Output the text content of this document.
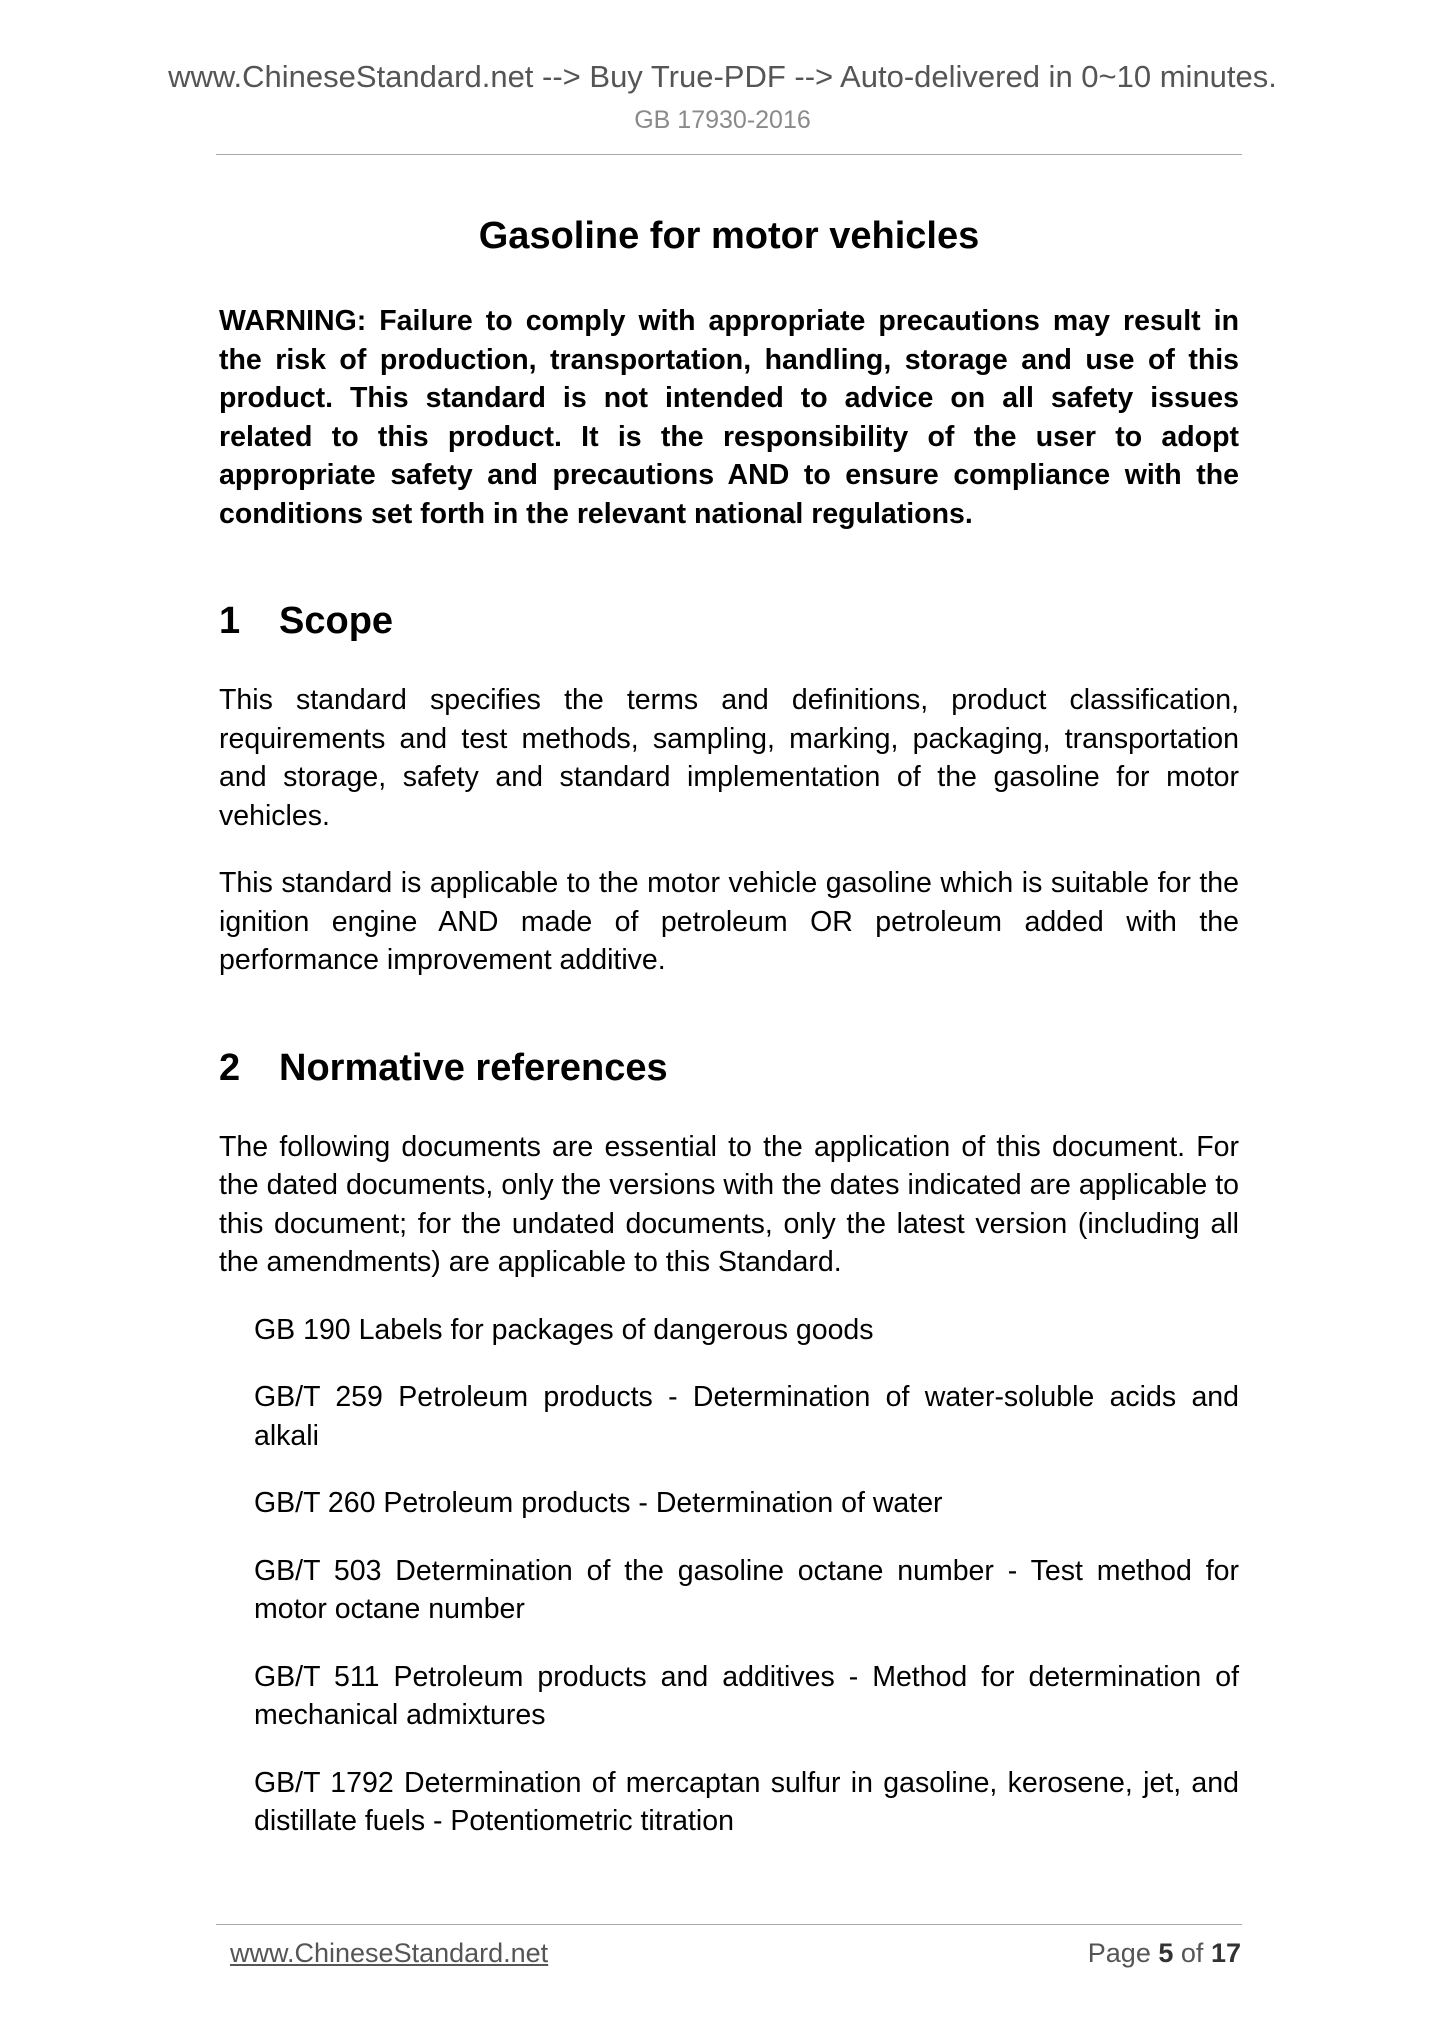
www.ChineseStandard.net --> Buy True-PDF --> Auto-delivered in 0~10 minutes.
GB 17930-2016
Gasoline for motor vehicles

WARNING: Failure to comply with appropriate precautions may result in the risk of production, transportation, handling, storage and use of this product. This standard is not intended to advice on all safety issues related to this product. It is the responsibility of the user to adopt appropriate safety and precautions AND to ensure compliance with the conditions set forth in the relevant national regulations.

1 Scope

This standard specifies the terms and definitions, product classification, requirements and test methods, sampling, marking, packaging, transportation and storage, safety and standard implementation of the gasoline for motor vehicles.

This standard is applicable to the motor vehicle gasoline which is suitable for the ignition engine AND made of petroleum OR petroleum added with the performance improvement additive.

2 Normative references

The following documents are essential to the application of this document. For the dated documents, only the versions with the dates indicated are applicable to this document; for the undated documents, only the latest version (including all the amendments) are applicable to this Standard.

GB 190 Labels for packages of dangerous goods
GB/T 259 Petroleum products - Determination of water-soluble acids and alkali
GB/T 260 Petroleum products - Determination of water
GB/T 503 Determination of the gasoline octane number - Test method for motor octane number
GB/T 511 Petroleum products and additives - Method for determination of mechanical admixtures
GB/T 1792 Determination of mercaptan sulfur in gasoline, kerosene, jet, and distillate fuels - Potentiometric titration
www.ChineseStandard.net	Page 5 of 17
